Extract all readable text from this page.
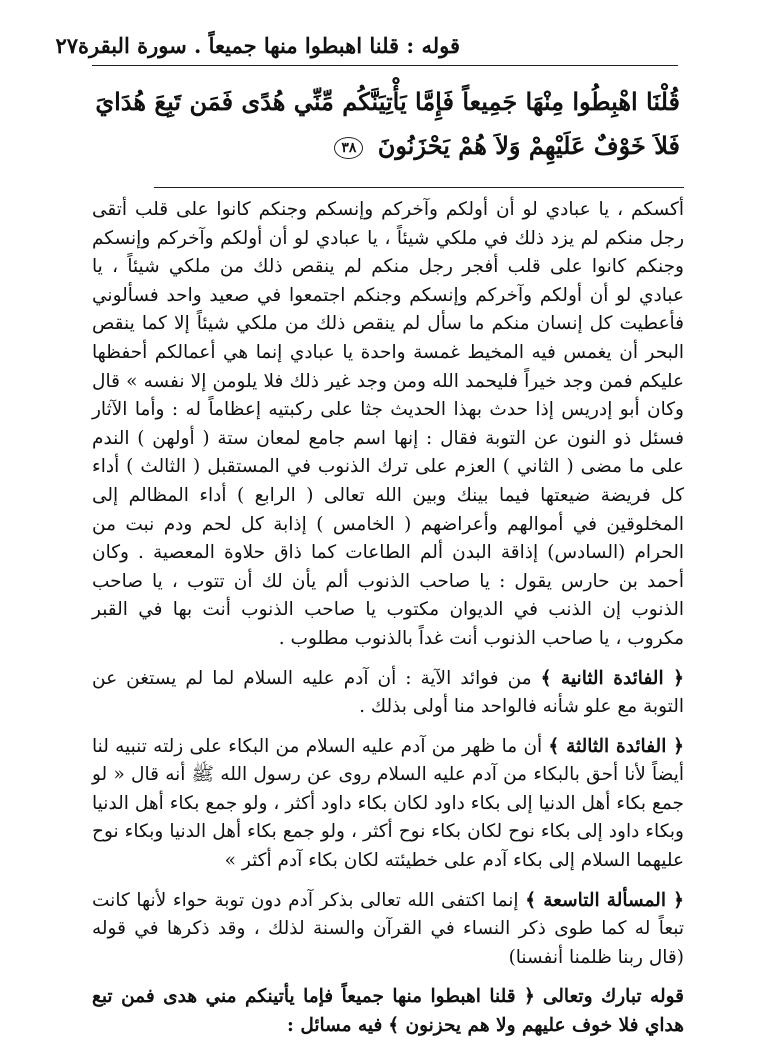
قوله : قلنا اهبطوا منها جميعاً . سورة البقرة
٢٧
قُلْنَا اهْبِطُوا مِنْهَا جَمِيعاً فَإِمَّا يَأْتِيَنَّكُم مِّنِّي هُدًى فَمَن تَبِعَ هُدَايَ فَلاَ خَوْفٌ عَلَيْهِمْ وَلاَ هُمْ يَحْزَنُونَ ٣٨

أكسكم ، يا عبادي لو أن أولكم وآخركم وإنسكم وجنكم كانوا على قلب أتقى رجل منكم لم يزد ذلك في ملكي شيئاً ، يا عبادي لو أن أولكم وآخركم وإنسكم وجنكم كانوا على قلب أفجر رجل منكم لم ينقص ذلك من ملكي شيئاً ، يا عبادي لو أن أولكم وآخركم وإنسكم وجنكم اجتمعوا في صعيد واحد فسألوني فأعطيت كل إنسان منكم ما سأل لم ينقص ذلك من ملكي شيئاً إلا كما ينقص البحر أن يغمس فيه المخيط غمسة واحدة يا عبادي إنما هي أعمالكم أحفظها عليكم فمن وجد خيراً فليحمد الله ومن وجد غير ذلك فلا يلومن إلا نفسه » قال وكان أبو إدريس إذا حدث بهذا الحديث جثا على ركبتيه إعظاماً له : وأما الآثار فسئل ذو النون عن التوبة فقال : إنها اسم جامع لمعان ستة ( أولهن ) الندم على ما مضى ( الثاني ) العزم على ترك الذنوب في المستقبل ( الثالث ) أداء كل فريضة ضيعتها فيما بينك وبين الله تعالى ( الرابع ) أداء المظالم إلى المخلوقين في أموالهم وأعراضهم ( الخامس ) إذابة كل لحم ودم نبت من الحرام (السادس) إذاقة البدن ألم الطاعات كما ذاق حلاوة المعصية . وكان أحمد بن حارس يقول : يا صاحب الذنوب ألم يأن لك أن تتوب ، يا صاحب الذنوب إن الذنب في الديوان مكتوب يا صاحب الذنوب أنت بها في القبر مكروب ، يا صاحب الذنوب أنت غداً بالذنوب مطلوب .

﴿ الفائدة الثانية ﴾ من فوائد الآية : أن آدم عليه السلام لما لم يستغن عن التوبة مع علو شأنه فالواحد منا أولى بذلك .

﴿ الفائدة الثالثة ﴾ أن ما ظهر من آدم عليه السلام من البكاء على زلته تنبيه لنا أيضاً لأنا أحق بالبكاء من آدم عليه السلام روى عن رسول الله ﷺ أنه قال « لو جمع بكاء أهل الدنيا إلى بكاء داود لكان بكاء داود أكثر ، ولو جمع بكاء أهل الدنيا وبكاء داود إلى بكاء نوح لكان بكاء نوح أكثر ، ولو جمع بكاء أهل الدنيا وبكاء نوح عليهما السلام إلى بكاء آدم على خطيئته لكان بكاء آدم أكثر »

﴿ المسألة التاسعة ﴾ إنما اكتفى الله تعالى بذكر آدم دون توبة حواء لأنها كانت تبعاً له كما طوى ذكر النساء في القرآن والسنة لذلك ، وقد ذكرها في قوله (قال ربنا ظلمنا أنفسنا)

قوله تبارك وتعالى ﴿ قلنا اهبطوا منها جميعاً فإما يأتينكم مني هدى فمن تبع هداي فلا خوف عليهم ولا هم يحزنون ﴾ فيه مسائل :
